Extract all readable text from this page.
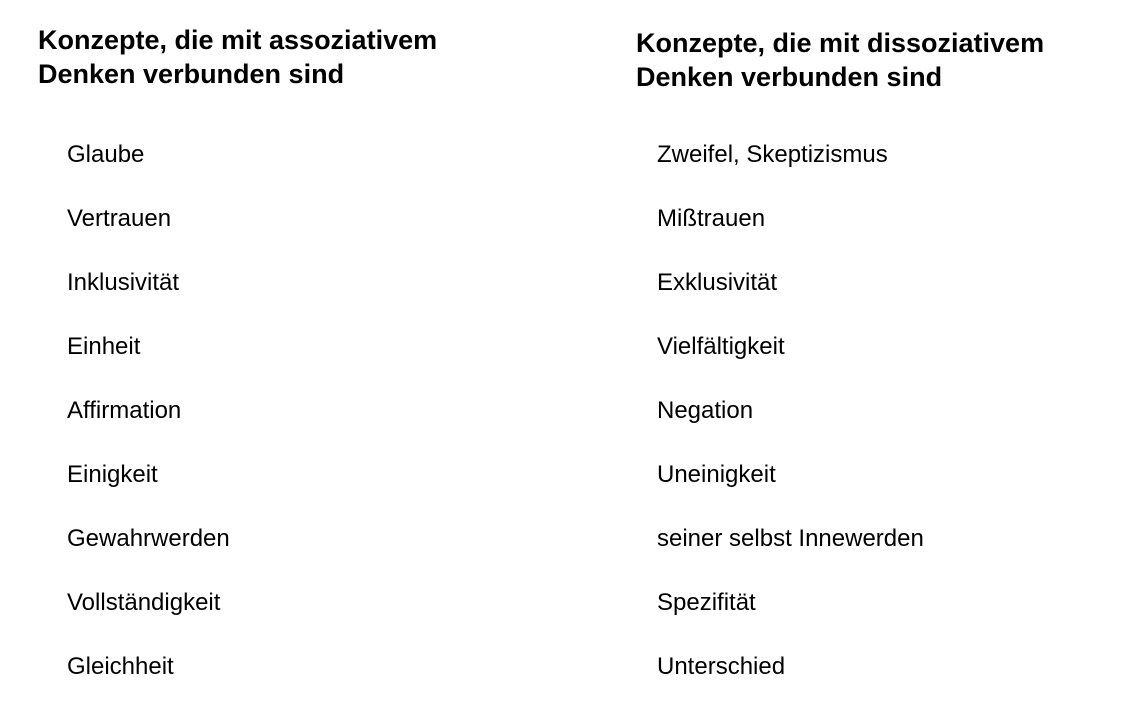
Konzepte, die mit assoziativem
Denken verbunden sind
Glaube
Vertrauen
Inklusivität
Einheit
Affirmation
Einigkeit
Gewahrwerden
Vollständigkeit
Gleichheit
Konzepte, die mit dissoziativem
Denken verbunden sind
Zweifel, Skeptizismus
Mißtrauen
Exklusivität
Vielfältigkeit
Negation
Uneinigkeit
seiner selbst Innewerden
Spezifität
Unterschied
